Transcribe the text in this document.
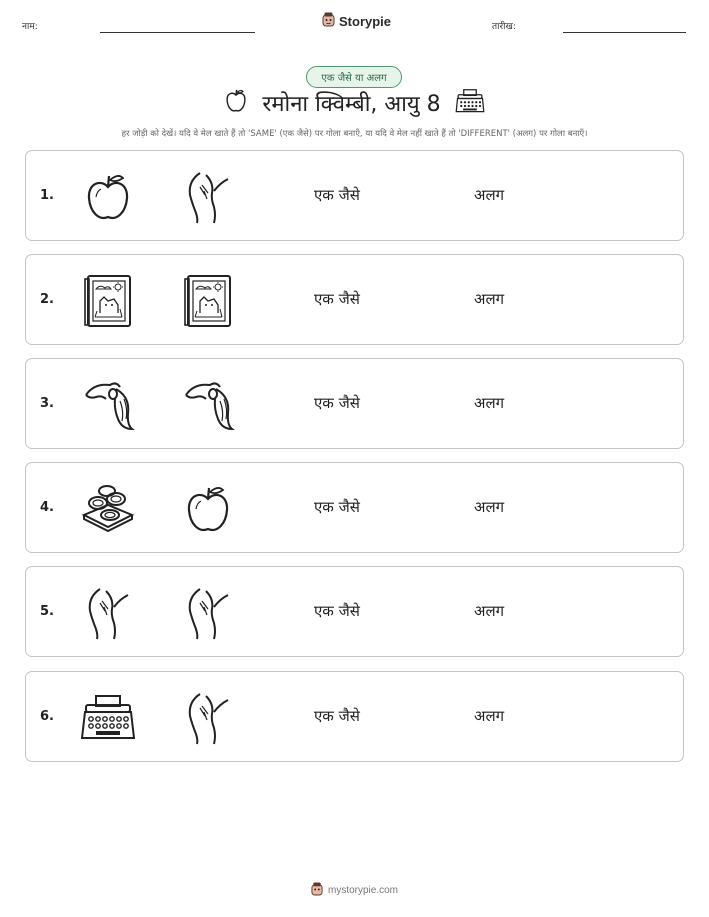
नाम:	Storypie	तारीख:
एक जैसे या अलग
रमोना क्विम्बी, आयु 8
हर जोड़ी को देखें। यदि वे मेल खाते हैं तो 'SAME' (एक जैसे) पर गोला बनाएँ, या यदि वे मेल नहीं खाते हैं तो 'DIFFERENT' (अलग) पर गोला बनाएँ।
1.	एक जैसे	अलग
2.	एक जैसे	अलग
3.	एक जैसे	अलग
4.	एक जैसे	अलग
5.	एक जैसे	अलग
6.	एक जैसे	अलग
mystorypie.com
